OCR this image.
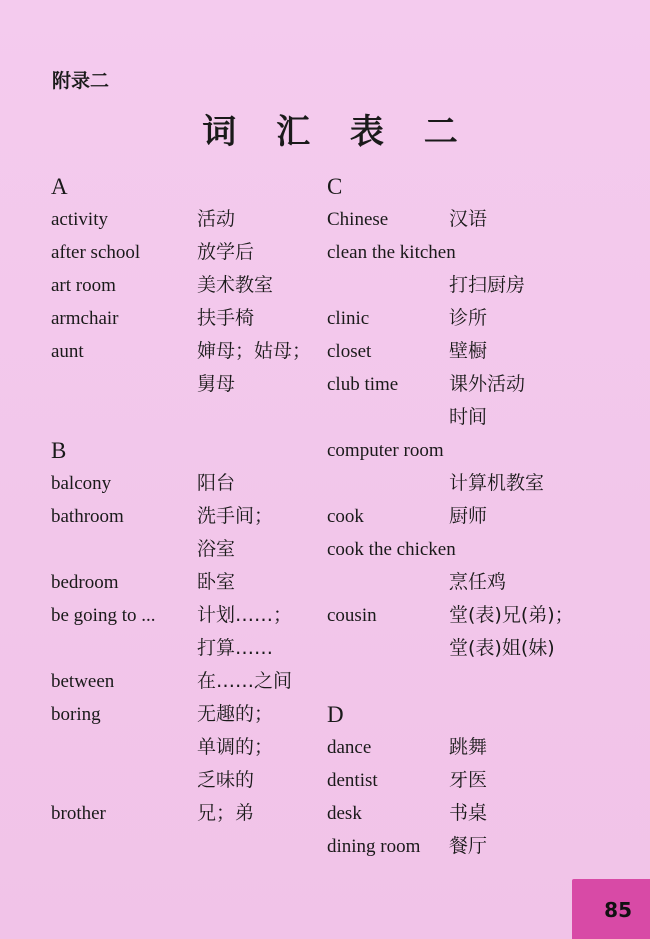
附录二
词 汇 表 二
A
activity	活动
after school	放学后
art room	美术教室
armchair	扶手椅
aunt	婶母；姑母；
舅母
B
balcony	阳台
bathroom	洗手间；
浴室
bedroom	卧室
be going to ...	计划……；
打算……
between	在……之间
boring	无趣的；
单调的；
乏味的
brother	兄；弟
C
Chinese	汉语
clean the kitchen
打扫厨房
clinic	诊所
closet	壁橱
club time	课外活动
时间
computer room
计算机教室
cook	厨师
cook the chicken
烹任鸡
cousin	堂(表)兄(弟)；
堂(表)姐(妹)
D
dance	跳舞
dentist	牙医
desk	书桌
dining room	餐厅
85
